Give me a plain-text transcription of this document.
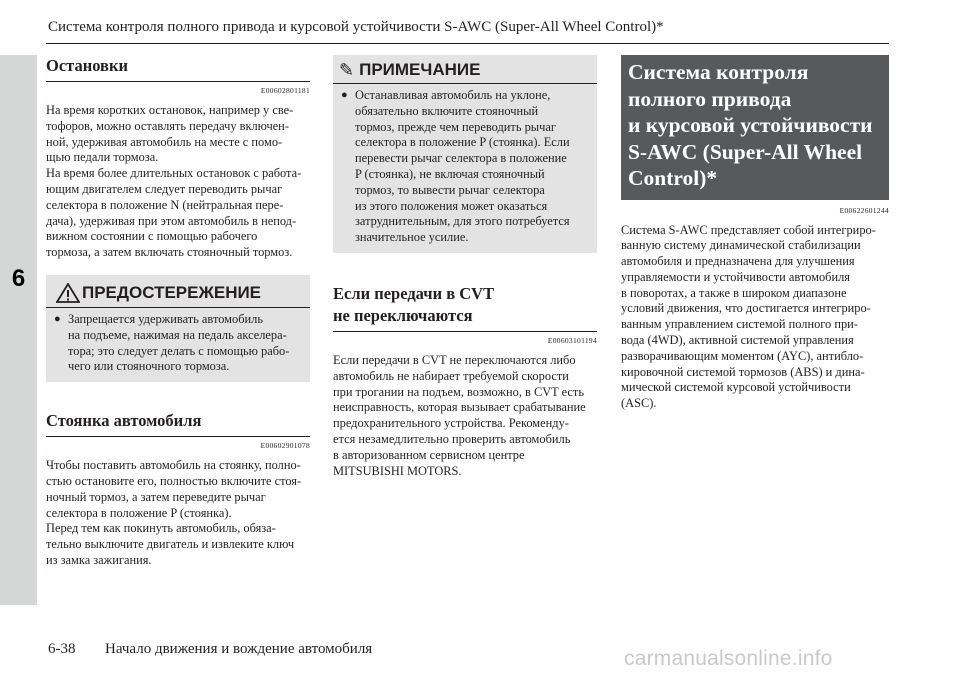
Система контроля полного привода и курсовой устойчивости S-AWC (Super-All Wheel Control)*
6
Остановки
E00602801181

На время коротких остановок, например у све-
тофоров, можно оставлять передачу включен-
ной, удерживая автомобиль на месте с помо-
щью педали тормоза.
На время более длительных остановок с работа-
ющим двигателем следует переводить рычаг
селектора в положение N (нейтральная пере-
дача), удерживая при этом автомобиль в непод-
вижном состоянии с помощью рабочего
тормоза, а затем включать стояночный тормоз.

ПРЕДОСТЕРЕЖЕНИЕ
● Запрещается удерживать автомобиль
на подъеме, нажимая на педаль акселера-
тора; это следует делать с помощью рабо-
чего или стояночного тормоза.
Стоянка автомобиля
E00602901078

Чтобы поставить автомобиль на стоянку, полно-
стью остановите его, полностью включите стоя-
ночный тормоз, а затем переведите рычаг
селектора в положение P (стоянка).
Перед тем как покинуть автомобиль, обяза-
тельно выключите двигатель и извлеките ключ
из замка зажигания.

✎ ПРИМЕЧАНИЕ
● Останавливая автомобиль на уклоне,
обязательно включите стояночный
тормоз, прежде чем переводить рычаг
селектора в положение P (стоянка). Если
перевести рычаг селектора в положение
P (стоянка), не включая стояночный
тормоз, то вывести рычаг селектора
из этого положения может оказаться
затруднительным, для этого потребуется
значительное усилие.
Если передачи в CVT
не переключаются
E00603101194

Если передачи в CVT не переключаются либо
автомобиль не набирает требуемой скорости
при трогании на подъем, возможно, в CVT есть
неисправность, которая вызывает срабатывание
предохранительного устройства. Рекоменду-
ется незамедлительно проверить автомобиль
в авторизованном сервисном центре
MITSUBISHI MOTORS.

Система контроля
полного привода
и курсовой устойчивости
S-AWC (Super-All Wheel
Control)*
E00622601244

Система S-AWC представляет собой интегриро-
ванную систему динамической стабилизации
автомобиля и предназначена для улучшения
управляемости и устойчивости автомобиля
в поворотах, а также в широком диапазоне
условий движения, что достигается интегриро-
ванным управлением системой полного при-
вода (4WD), активной системой управления
разворачивающим моментом (AYC), антибло-
кировочной системой тормозов (ABS) и дина-
мической системой курсовой устойчивости
(ASC).

6-38 Начало движения и вождение автомобиля	carmanualsonline.info
